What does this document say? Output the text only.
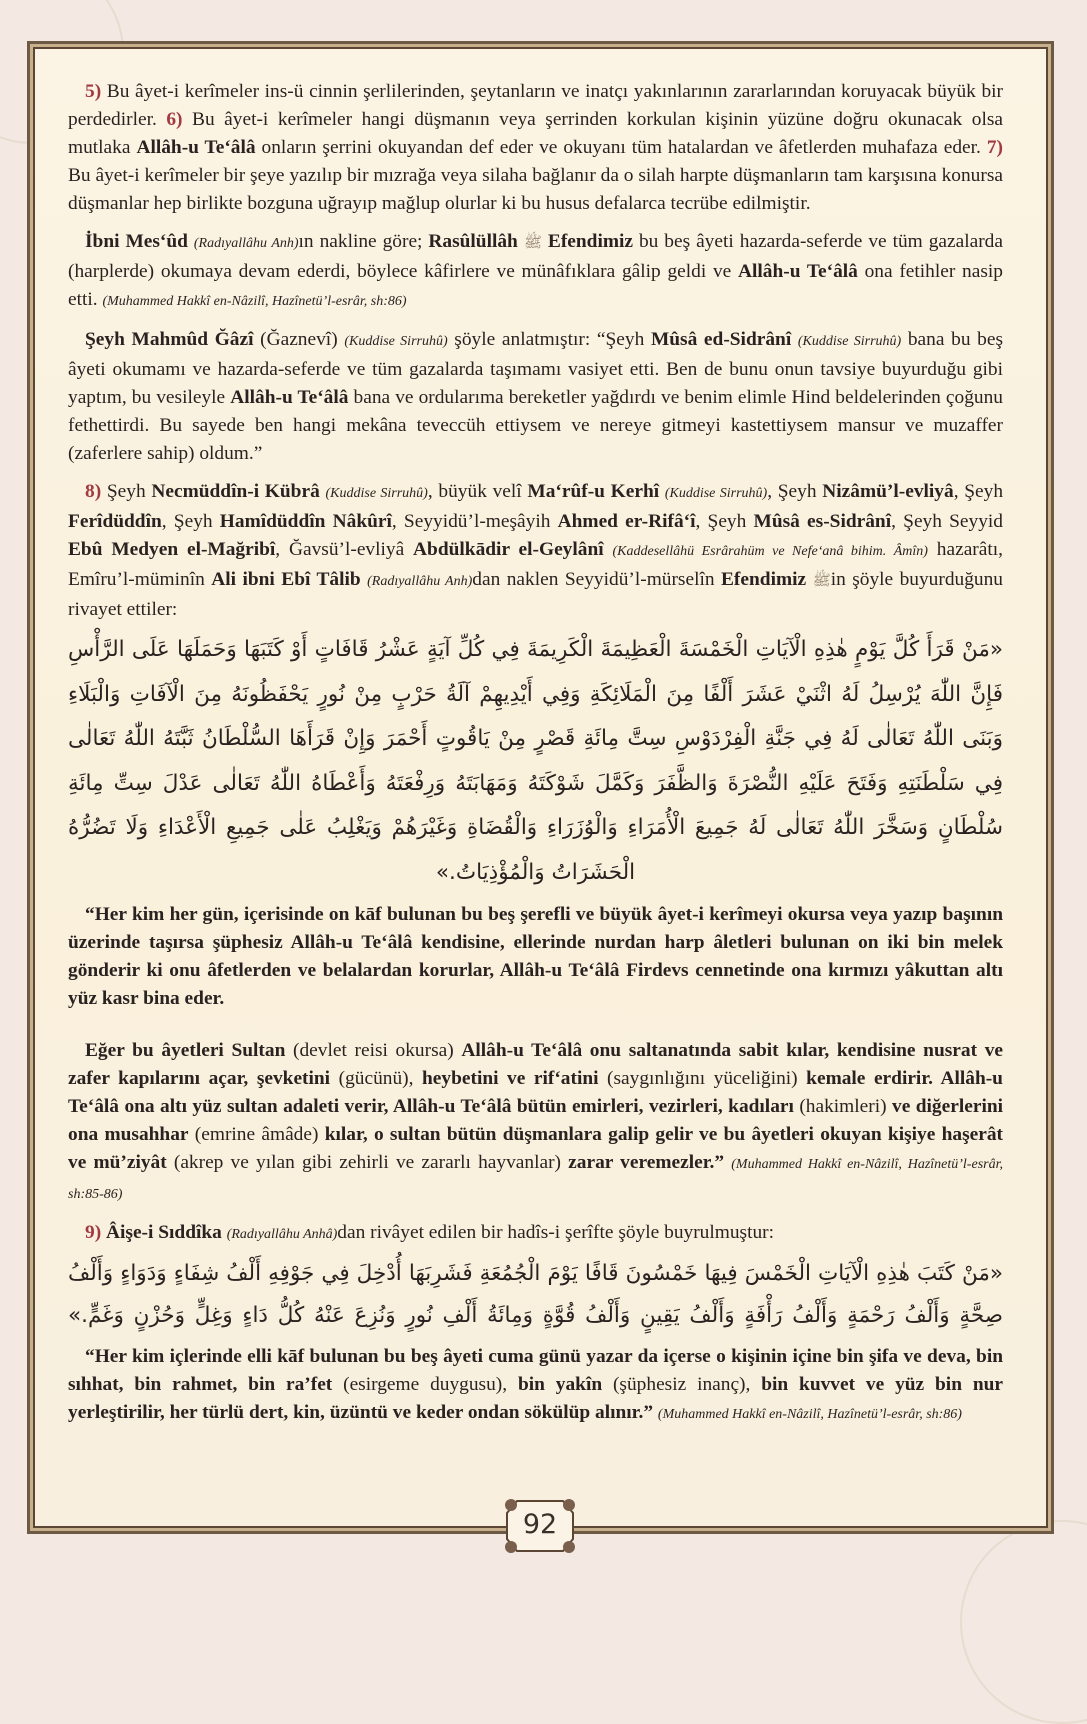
5) Bu âyet-i kerîmeler ins-ü cinnin şerlilerinden, şeytanların ve inatçı yakınlarının zararlarından koruyacak büyük bir perdedirler. 6) Bu âyet-i kerîmeler hangi düşmanın veya şerrinden korkulan kişinin yüzüne doğru okunacak olsa mutlaka Allâh-u Te‘âlâ onların şerrini okuyandan def eder ve okuyanı tüm hatalardan ve âfetlerden muhafaza eder. 7) Bu âyet-i kerîmeler bir şeye yazılıp bir mızrağa veya silaha bağlanır da o silah harpte düşmanların tam karşısına konursa düşmanlar hep birlikte bozguna uğrayıp mağlup olurlar ki bu husus defalarca tecrübe edilmiştir.

İbni Mes‘ûd (Radıyallâhu Anh)ın nakline göre; Rasûlüllâh ﷺ Efendimiz bu beş âyeti hazarda-seferde ve tüm gazalarda (harplerde) okumaya devam ederdi, böylece kâfirlere ve münâfıklara gâlip geldi ve Allâh-u Te‘âlâ ona fetihler nasip etti. (Muhammed Hakkî en-Nâzilî, Hazînetü’l-esrâr, sh:86)

Şeyh Mahmûd Ğâzî (Ğaznevî) (Kuddise Sirruhû) şöyle anlatmıştır: “Şeyh Mûsâ ed-Sidrânî (Kuddise Sirruhû) bana bu beş âyeti okumamı ve hazarda-seferde ve tüm gazalarda taşımamı vasiyet etti. Ben de bunu onun tavsiye buyurduğu gibi yaptım, bu vesileyle Allâh-u Te‘âlâ bana ve ordularıma bereketler yağdırdı ve benim elimle Hind beldelerinden çoğunu fethettirdi. Bu sayede ben hangi mekâna teveccüh ettiysem ve nereye gitmeyi kastettiysem mansur ve muzaffer (zaferlere sahip) oldum.”

8) Şeyh Necmüddîn-i Kübrâ (Kuddise Sirruhû), büyük velî Ma‘rûf-u Kerhî (Kuddise Sirruhû), Şeyh Nizâmü’l-evliyâ, Şeyh Ferîdüddîn, Şeyh Hamîdüddîn Nâkûrî, Seyyidü’l-meşâyih Ahmed er-Rifâ‘î, Şeyh Mûsâ es-Sidrânî, Şeyh Seyyid Ebû Medyen el-Mağribî, Ğavsü’l-evliyâ Abdülkādir el-Geylânî (Kaddesellâhü Esrârahüm ve Nefe‘anâ bihim. Âmîn) hazarâtı, Emîru’l-müminîn Ali ibni Ebî Tâlib (Radıyallâhu Anh)dan naklen Seyyidü’l-mürselîn Efendimiz ﷺin şöyle buyurduğunu rivayet ettiler:

«مَنْ قَرَأَ كُلَّ يَوْمٍ هٰذِهِ الْآيَاتِ الْخَمْسَةَ الْعَظِيمَةَ الْكَرِيمَةَ فِي كُلِّ آيَةٍ عَشْرُ قَافَاتٍ أَوْ كَتَبَهَا وَحَمَلَهَا عَلَى الرَّأْسِ فَإِنَّ اللّٰهَ يُرْسِلُ لَهُ اثْنَيْ عَشَرَ أَلْفًا مِنَ الْمَلَائِكَةِ وَفِي أَيْدِيهِمْ آلَةُ حَرْبٍ مِنْ نُورٍ يَحْفَظُونَهُ مِنَ الْآفَاتِ وَالْبَلَاءِ وَبَنَى اللّٰهُ تَعَالٰى لَهُ فِي جَنَّةِ الْفِرْدَوْسِ سِتَّ مِائَةِ قَصْرٍ مِنْ يَاقُوتٍ أَحْمَرَ وَإِنْ قَرَأَهَا السُّلْطَانُ ثَبَّتَهُ اللّٰهُ تَعَالٰى فِي سَلْطَنَتِهِ وَفَتَحَ عَلَيْهِ النُّصْرَةَ وَالظَّفَرَ وَكَمَّلَ شَوْكَتَهُ وَمَهَابَتَهُ وَرِفْعَتَهُ وَأَعْطَاهُ اللّٰهُ تَعَالٰى عَدْلَ سِتِّ مِائَةِ سُلْطَانٍ وَسَخَّرَ اللّٰهُ تَعَالٰى لَهُ جَمِيعَ الْأُمَرَاءِ وَالْوُزَرَاءِ وَالْقُضَاةِ وَغَيْرَهُمْ وَيَغْلِبُ عَلٰى جَمِيعِ الْأَعْدَاءِ وَلَا تَضُرُّهُ الْحَشَرَاتُ وَالْمُؤْذِيَاتُ.»

“Her kim her gün, içerisinde on kāf bulunan bu beş şerefli ve büyük âyet-i kerîmeyi okursa veya yazıp başının üzerinde taşırsa şüphesiz Allâh-u Te‘âlâ kendisine, ellerinde nurdan harp âletleri bulunan on iki bin melek gönderir ki onu âfetlerden ve belalardan korurlar, Allâh-u Te‘âlâ Firdevs cennetinde ona kırmızı yâkuttan altı yüz kasr bina eder.

Eğer bu âyetleri Sultan (devlet reisi okursa) Allâh-u Te‘âlâ onu saltanatında sabit kılar, kendisine nusrat ve zafer kapılarını açar, şevketini (gücünü), heybetini ve rif‘atini (saygınlığını yüceliğini) kemale erdirir. Allâh-u Te‘âlâ ona altı yüz sultan adaleti verir, Allâh-u Te‘âlâ bütün emirleri, vezirleri, kadıları (hakimleri) ve diğerlerini ona musahhar (emrine âmâde) kılar, o sultan bütün düşmanlara galip gelir ve bu âyetleri okuyan kişiye haşerât ve mü’ziyât (akrep ve yılan gibi zehirli ve zararlı hayvanlar) zarar veremezler.” (Muhammed Hakkî en-Nâzilî, Hazînetü’l-esrâr, sh:85-86)

9) Âişe-i Sıddîka (Radıyallâhu Anhâ)dan rivâyet edilen bir hadîs-i şerîfte şöyle buyrulmuştur:

«مَنْ كَتَبَ هٰذِهِ الْآيَاتِ الْخَمْسَ فِيهَا خَمْسُونَ قَافًا يَوْمَ الْجُمُعَةِ فَشَرِبَهَا أُدْخِلَ فِي جَوْفِهِ أَلْفُ شِفَاءٍ وَدَوَاءٍ وَأَلْفُ صِحَّةٍ وَأَلْفُ رَحْمَةٍ وَأَلْفُ رَأْفَةٍ وَأَلْفُ يَقِينٍ وَأَلْفُ قُوَّةٍ وَمِائَةُ أَلْفِ نُورٍ وَنُزِعَ عَنْهُ كُلُّ دَاءٍ وَغِلٍّ وَحُزْنٍ وَغَمٍّ.»

“Her kim içlerinde elli kāf bulunan bu beş âyeti cuma günü yazar da içerse o kişinin içine bin şifa ve deva, bin sıhhat, bin rahmet, bin ra’fet (esirgeme duygusu), bin yakîn (şüphesiz inanç), bin kuvvet ve yüz bin nur yerleştirilir, her türlü dert, kin, üzüntü ve keder ondan sökülüp alınır.” (Muhammed Hakkî en-Nâzilî, Hazînetü’l-esrâr, sh:86)

92
